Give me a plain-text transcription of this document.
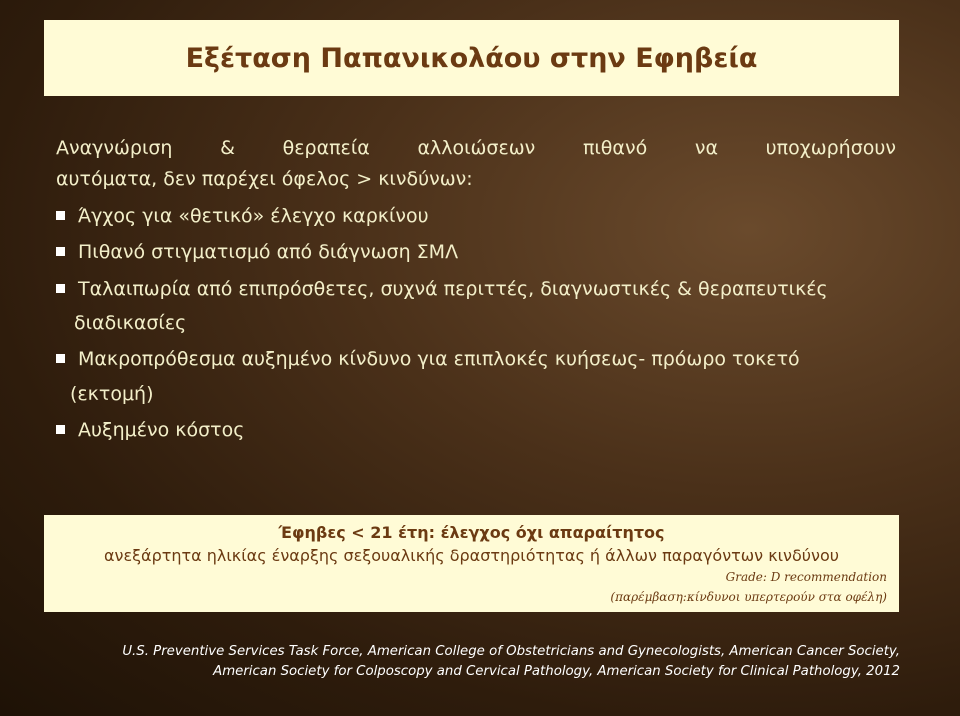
Εξέταση Παπανικολάου στην Εφηβεία

Αναγνώριση & θεραπεία αλλοιώσεων πιθανό να υποχωρήσουν

αυτόματα, δεν παρέχει όφελος > κινδύνων:

Άγχος για «θετικό» έλεγχο καρκίνου
Πιθανό στιγματισμό από διάγνωση ΣΜΛ
Ταλαιπωρία από επιπρόσθετες, συχνά περιττές, διαγνωστικές & θεραπευτικές
διαδικασίες
Μακροπρόθεσμα αυξημένο κίνδυνο για επιπλοκές κυήσεως- πρόωρο τοκετό
(εκτομή)
Αυξημένο κόστος
Έφηβες < 21 έτη: έλεγχος όχι απαραίτητος
ανεξάρτητα ηλικίας έναρξης σεξουαλικής δραστηριότητας ή άλλων παραγόντων κινδύνου
Grade: D recommendation
(παρέμβαση:κίνδυνοι υπερτερούν στα οφέλη)
U.S. Preventive Services Task Force, American College of Obstetricians and Gynecologists, American Cancer Society,
American Society for Colposcopy and Cervical Pathology, American Society for Clinical Pathology, 2012
